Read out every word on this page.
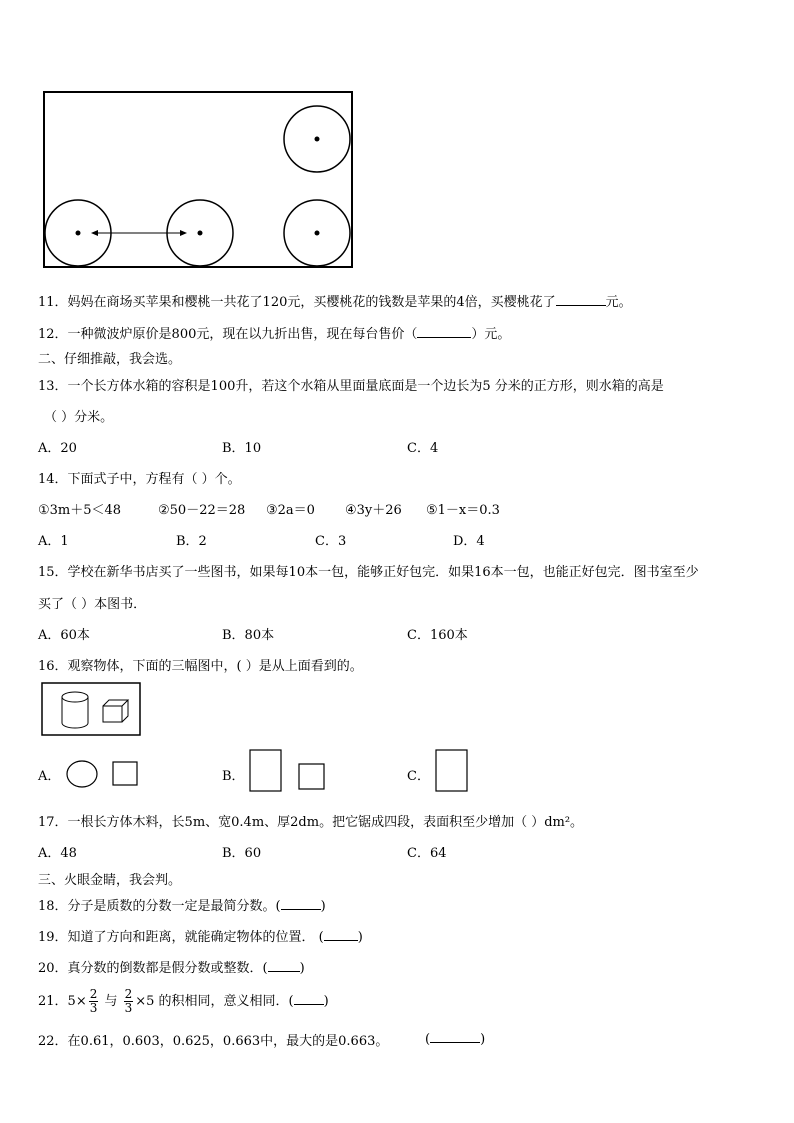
11．妈妈在商场买苹果和樱桃一共花了120元，买樱桃花的钱数是苹果的4倍，买樱桃花了	元。
12．一种微波炉原价是800元，现在以九折出售，现在每台售价（	）元。
二、仔细推敲，我会选。
13．一个长方体水箱的容积是100升，若这个水箱从里面量底面是一个边长为5 分米的正方形，则水箱的高是
（ ）分米。
A．20	B．10	C．4
14．下面式子中，方程有（ ）个。
①3m＋5＜48	②50－22＝28 ③2a＝0 ④3y＋26 ⑤1－x＝0.3
A．1	B．2	C．3	D．4
15．学校在新华书店买了一些图书，如果每10本一包，能够正好包完．如果16本一包，也能正好包完．图书室至少
买了（ ）本图书．
A．60本	B．80本	C．160本
16．观察物体，下面的三幅图中，( ）是从上面看到的。
A．	B．	C．
17．一根长方体木料，长5m、宽0.4m、厚2dm。把它锯成四段，表面积至少增加（ ）dm²。
A．48	B．60	C．64
三、火眼金睛，我会判。
18．分子是质数的分数一定是最简分数。(	)
19．知道了方向和距离，就能确定物体的位置． (	)
20．真分数的倒数都是假分数或整数．( )
21．$5\times \frac{2}{3}$ 与 $\frac{2}{3} \times 5$ 的积相同，意义相同．( )
22．在0.61，0.603，0.625，0.663中，最大的是0.663。	(	)
